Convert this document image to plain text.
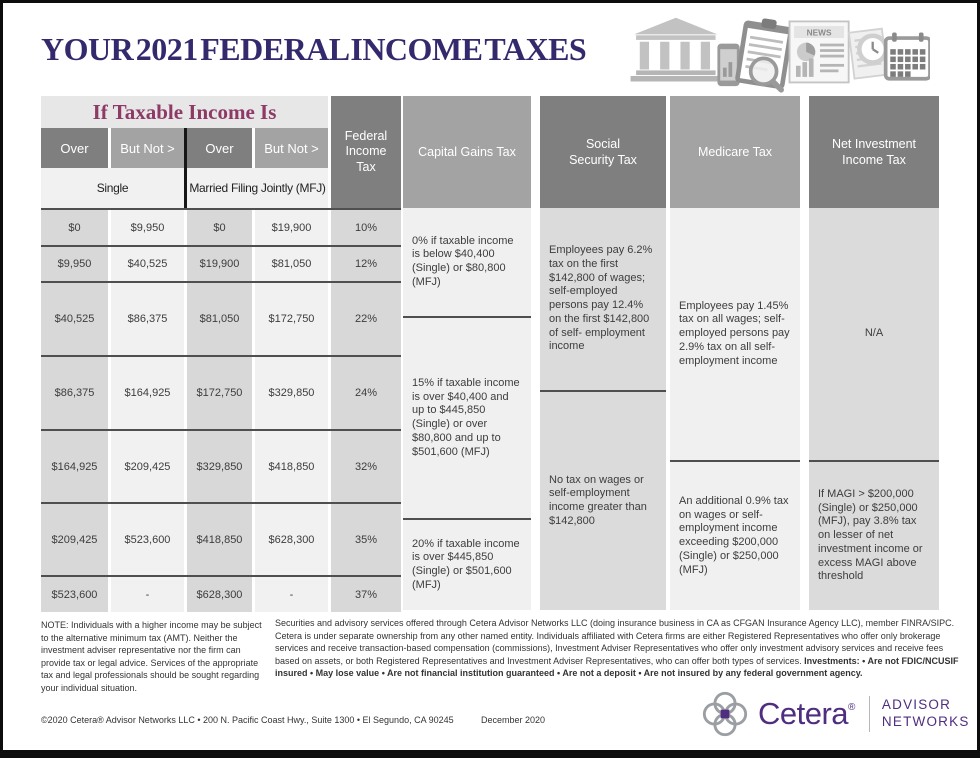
YOUR 2021 FEDERAL INCOME TAXES	NEWS
If Taxable Income Is
Over	But Not >	Over	But Not >
Single	Married Filing Jointly (MFJ)
Federal Income Tax
$0	$9,950	$0	$19,900	10%
$9,950	$40,525	$19,900	$81,050	12%
$40,525	$86,375	$81,050	$172,750	22%
$86,375	$164,925	$172,750	$329,850	24%
$164,925	$209,425	$329,850	$418,850	32%
$209,425	$523,600	$418,850	$628,300	35%
$523,600	-	$628,300	-	37%
Capital Gains Tax
0% if taxable income is below $40,400 (Single) or $80,800 (MFJ)
15% if taxable income is over $40,400 and up to $445,850 (Single) or over $80,800 and up to $501,600 (MFJ)
20% if taxable income is over $445,850 (Single) or $501,600 (MFJ)
Social Security Tax
Employees pay 6.2% tax on the first $142,800 of wages; self-employed persons pay 12.4% on the first $142,800 of self- employment income
No tax on wages or self-employment income greater than $142,800
Medicare Tax
Employees pay 1.45% tax on all wages; self-employed persons pay 2.9% tax on all self-employment income
An additional 0.9% tax on wages or self-employment income exceeding $200,000 (Single) or $250,000 (MFJ)
Net Investment Income Tax
N/A
If MAGI > $200,000 (Single) or $250,000 (MFJ), pay 3.8% tax on lesser of net investment income or excess MAGI above threshold
NOTE: Individuals with a higher income may be subject to the alternative minimum tax (AMT). Neither the investment adviser representative nor the firm can provide tax or legal advice. Services of the appropriate tax and legal professionals should be sought regarding your individual situation.
Securities and advisory services offered through Cetera Advisor Networks LLC (doing insurance business in CA as CFGAN Insurance Agency LLC), member FINRA/SIPC. Cetera is under separate ownership from any other named entity. Individuals affiliated with Cetera firms are either Registered Representatives who offer only brokerage services and receive transaction-based compensation (commissions), Investment Adviser Representatives who offer only investment advisory services and receive fees based on assets, or both Registered Representatives and Investment Adviser Representatives, who can offer both types of services. Investments: • Are not FDIC/NCUSIF insured • May lose value • Are not financial institution guaranteed • Are not a deposit • Are not insured by any federal government agency.
©2020 Cetera® Advisor Networks LLC • 200 N. Pacific Coast Hwy., Suite 1300 • El Segundo, CA 90245	December 2020	Cetera® ADVISOR
NETWORKS
